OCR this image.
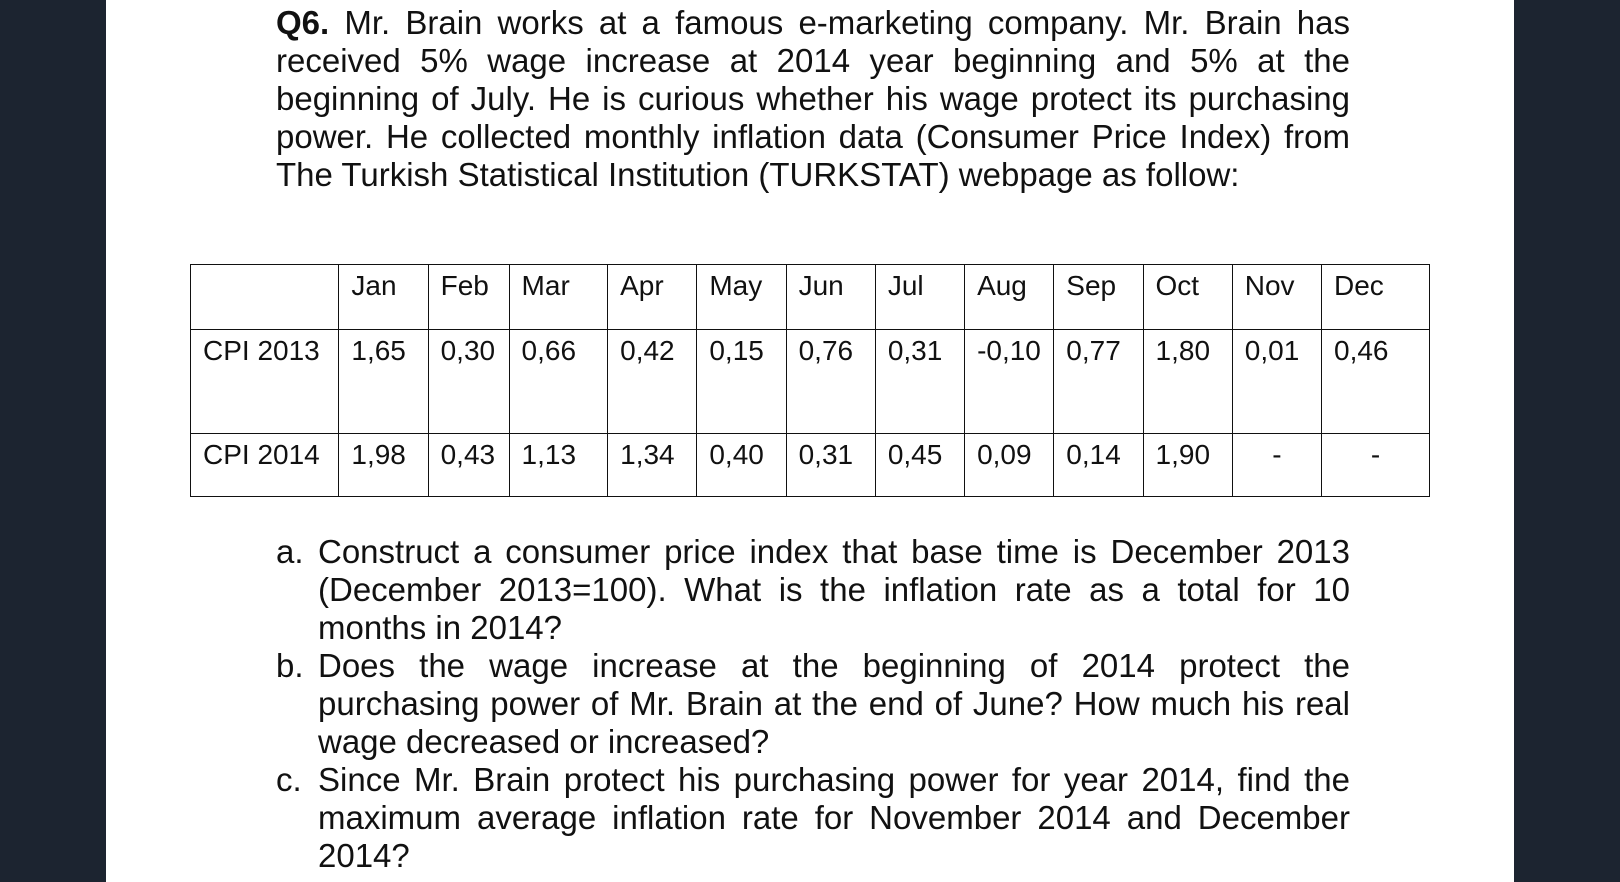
Q6. Mr. Brain works at a famous e-marketing company. Mr. Brain has received 5% wage increase at 2014 year beginning and 5% at the beginning of July. He is curious whether his wage protect its purchasing power. He collected monthly inflation data (Consumer Price Index) from The Turkish Statistical Institution (TURKSTAT) webpage as follow:

	Jan	Feb	Mar	Apr	May	Jun	Jul	Aug	Sep	Oct	Nov	Dec
CPI 2013	1,65	0,30	0,66	0,42	0,15	0,76	0,31	-0,10	0,77	1,80	0,01	0,46
CPI 2014	1,98	0,43	1,13	1,34	0,40	0,31	0,45	0,09	0,14	1,90	-	-
a. Construct a consumer price index that base time is December 2013 (December 2013=100). What is the inflation rate as a total for 10 months in 2014?
b. Does the wage increase at the beginning of 2014 protect the purchasing power of Mr. Brain at the end of June? How much his real wage decreased or increased?
c. Since Mr. Brain protect his purchasing power for year 2014, find the maximum average inflation rate for November 2014 and December 2014?
